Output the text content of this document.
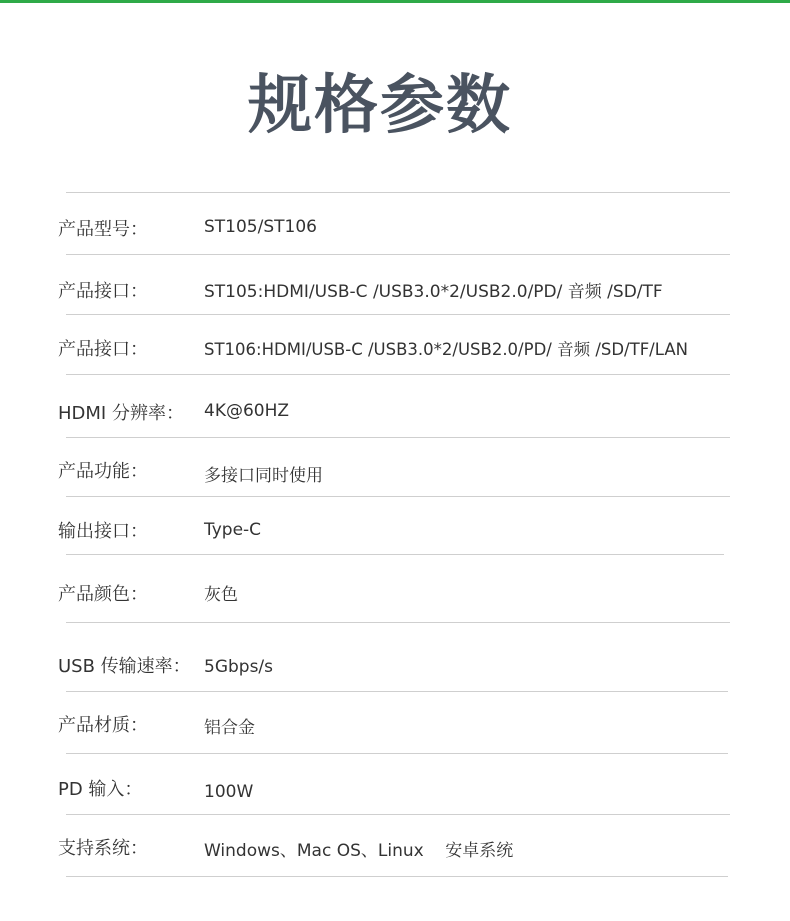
规格参数
产品型号：	ST105/ST106
产品接口：	ST105:HDMI/USB-C /USB3.0*2/USB2.0/PD/ 音频 /SD/TF
产品接口：	ST106:HDMI/USB-C /USB3.0*2/USB2.0/PD/ 音频 /SD/TF/LAN
HDMI 分辨率： 4K@60HZ
产品功能：	多接口同时使用
输出接口：	Type-C
产品颜色：	灰色
USB 传输速率： 5Gbps/s
产品材质：	铝合金
PD 输入：	100W
支持系统：	Windows、Mac OS、Linux    安卓系统
